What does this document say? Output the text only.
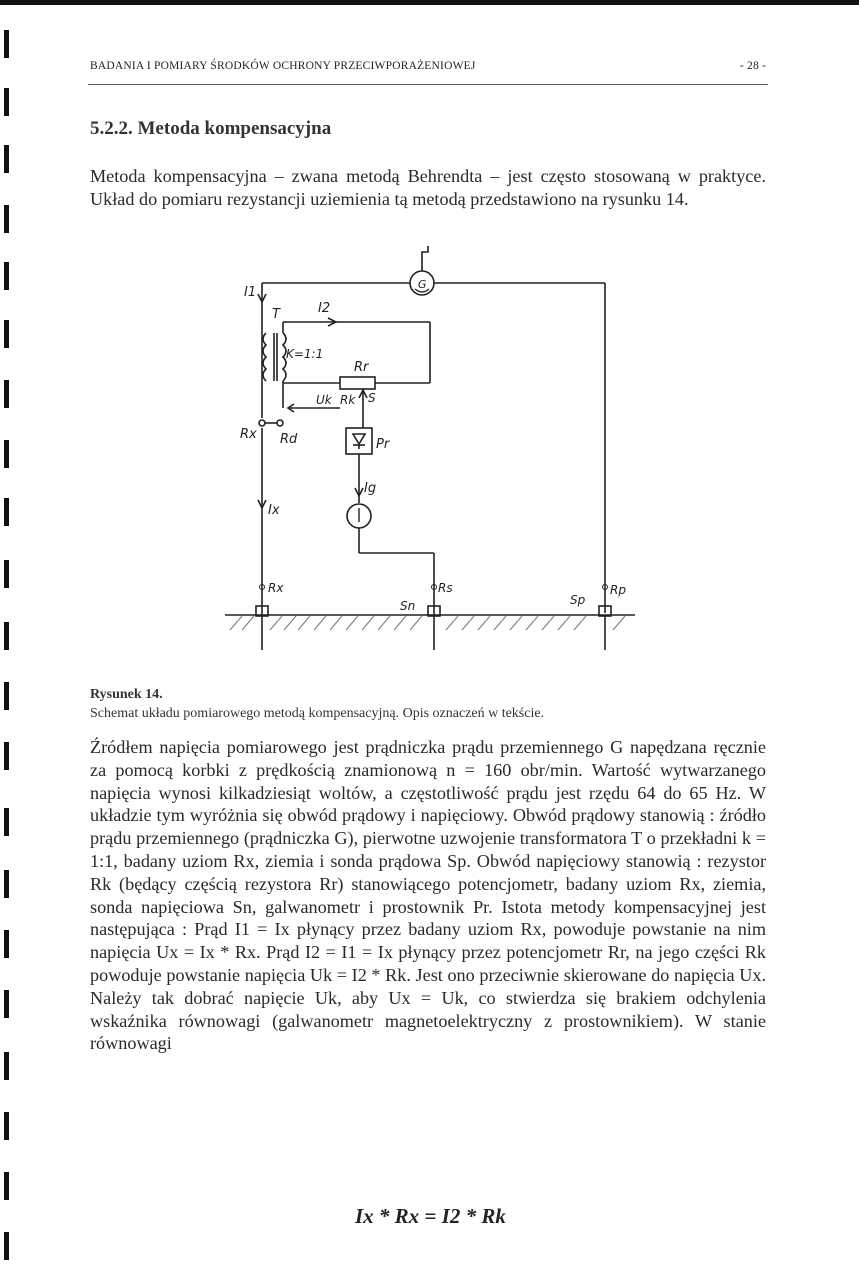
BADANIA I POMIARY ŚRODKÓW OCHRONY PRZECIWPORAŻENIOWEJ	- 28 -
5.2.2. Metoda kompensacyjna
Metoda kompensacyjna – zwana metodą Behrendta – jest często stosowaną w praktyce. Układ do pomiaru rezystancji uziemienia tą metodą przedstawiono na rysunku 14.
G
I1
T	I2
K=1:1
Rr
Uk Rk S
Rx Rd	Pr
Ig
Ix
Rx	Rs
Sn	Sp
Rp
Rysunek 14.
Schemat układu pomiarowego metodą kompensacyjną. Opis oznaczeń w tekście.
Źródłem napięcia pomiarowego jest prądniczka prądu przemiennego G napędzana ręcznie za pomocą korbki z prędkością znamionową n = 160 obr/min. Wartość wytwarzanego napięcia wynosi kilkadziesiąt woltów, a częstotliwość prądu jest rzędu 64 do 65 Hz. W układzie tym wyróżnia się obwód prądowy i napięciowy. Obwód prądowy stanowią : źródło prądu przemiennego (prądniczka G), pierwotne uzwojenie transformatora T o przekładni k = 1:1, badany uziom Rx, ziemia i sonda prądowa Sp. Obwód napięciowy stanowią : rezystor Rk (będący częścią rezystora Rr) stanowiącego potencjometr, badany uziom Rx, ziemia, sonda napięciowa Sn, galwanometr i prostownik Pr. Istota metody kompensacyjnej jest następująca : Prąd I1 = Ix płynący przez badany uziom Rx, powoduje powstanie na nim napięcia Ux = Ix * Rx. Prąd I2 = I1 = Ix płynący przez potencjometr Rr, na jego części Rk powoduje powstanie napięcia Uk = I2 * Rk. Jest ono przeciwnie skierowane do napięcia Ux. Należy tak dobrać napięcie Uk, aby Ux = Uk, co stwierdza się brakiem odchylenia wskaźnika równowagi (galwanometr magnetoelektryczny z prostownikiem). W stanie równowagi
Ix * Rx = I2 * Rk
